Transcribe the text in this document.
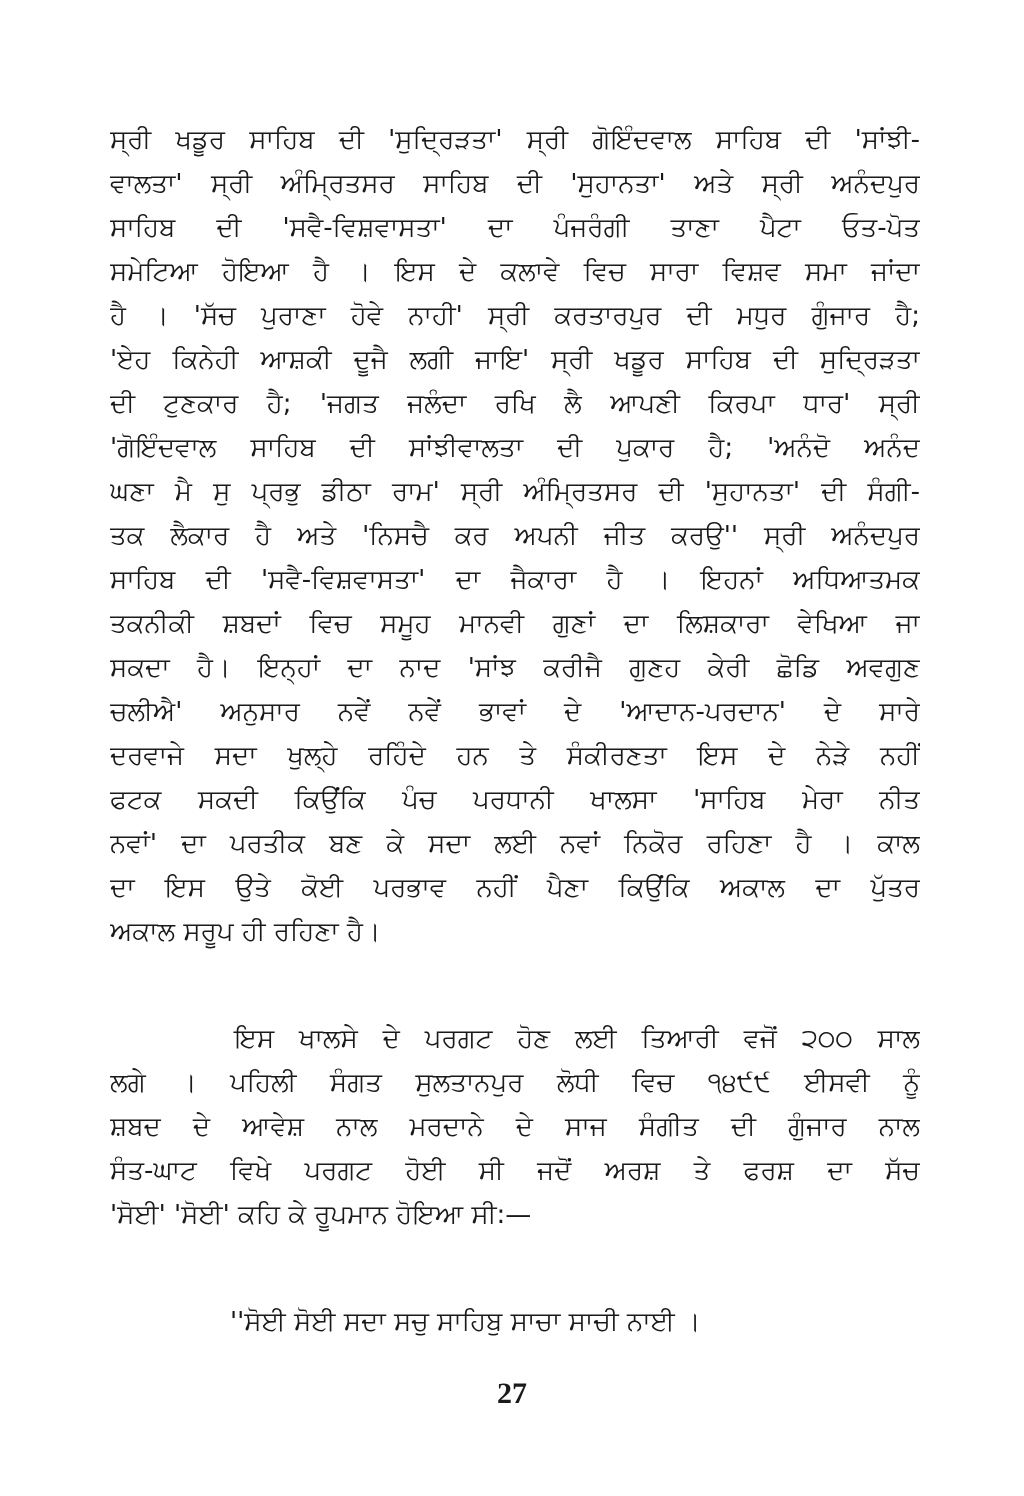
ਸ੍ਰੀ ਖਡੂਰ ਸਾਹਿਬ ਦੀ 'ਸੁਦ੍ਰਿੜਤਾ' ਸ੍ਰੀ ਗੋਇੰਦਵਾਲ ਸਾਹਿਬ ਦੀ 'ਸਾਂਝੀ-
ਵਾਲਤਾ' ਸ੍ਰੀ ਅੰਮ੍ਰਿਤਸਰ ਸਾਹਿਬ ਦੀ 'ਸੁਹਾਨਤਾ' ਅਤੇ ਸ੍ਰੀ ਅਨੰਦਪੁਰ
ਸਾਹਿਬ ਦੀ 'ਸਵੈ-ਵਿਸ਼ਵਾਸਤਾ' ਦਾ ਪੰਜਰੰਗੀ ਤਾਣਾ ਪੈਟਾ ਓਤ-ਪੋਤ
ਸਮੇਟਿਆ ਹੋਇਆ ਹੈ । ਇਸ ਦੇ ਕਲਾਵੇ ਵਿਚ ਸਾਰਾ ਵਿਸ਼ਵ ਸਮਾ ਜਾਂਦਾ
ਹੈ । 'ਸੱਚ ਪੁਰਾਣਾ ਹੋਵੇ ਨਾਹੀ' ਸ੍ਰੀ ਕਰਤਾਰਪੁਰ ਦੀ ਮਧੁਰ ਗੁੰਜਾਰ ਹੈ;
'ਏਹ ਕਿਨੇਹੀ ਆਸ਼ਕੀ ਦੂਜੈ ਲਗੀ ਜਾਇ' ਸ੍ਰੀ ਖਡੂਰ ਸਾਹਿਬ ਦੀ ਸੁਦ੍ਰਿੜਤਾ
ਦੀ ਟੁਣਕਾਰ ਹੈ; 'ਜਗਤ ਜਲੰਦਾ ਰਖਿ ਲੈ ਆਪਣੀ ਕਿਰਪਾ ਧਾਰ' ਸ੍ਰੀ
'ਗੋਇੰਦਵਾਲ ਸਾਹਿਬ ਦੀ ਸਾਂਝੀਵਾਲਤਾ ਦੀ ਪੁਕਾਰ ਹੈ; 'ਅਨੰਦੋ ਅਨੰਦ
ਘਣਾ ਮੈ ਸੁ ਪ੍ਰਭੁ ਡੀਠਾ ਰਾਮ' ਸ੍ਰੀ ਅੰਮ੍ਰਿਤਸਰ ਦੀ 'ਸੁਹਾਨਤਾ' ਦੀ ਸੰਗੀ-
ਤਕ ਲੈਕਾਰ ਹੈ ਅਤੇ 'ਨਿਸਚੈ ਕਰ ਅਪਨੀ ਜੀਤ ਕਰਉ'' ਸ੍ਰੀ ਅਨੰਦਪੁਰ
ਸਾਹਿਬ ਦੀ 'ਸਵੈ-ਵਿਸ਼ਵਾਸਤਾ' ਦਾ ਜੈਕਾਰਾ ਹੈ । ਇਹਨਾਂ ਅਧਿਆਤਮਕ
ਤਕਨੀਕੀ ਸ਼ਬਦਾਂ ਵਿਚ ਸਮੂਹ ਮਾਨਵੀ ਗੁਣਾਂ ਦਾ ਲਿਸ਼ਕਾਰਾ ਵੇਖਿਆ ਜਾ
ਸਕਦਾ ਹੈ। ਇਨ੍ਹਾਂ ਦਾ ਨਾਦ 'ਸਾਂਝ ਕਰੀਜੈ ਗੁਣਹ ਕੇਰੀ ਛੋਡਿ ਅਵਗੁਣ
ਚਲੀਐ' ਅਨੁਸਾਰ ਨਵੇਂ ਨਵੇਂ ਭਾਵਾਂ ਦੇ 'ਆਦਾਨ-ਪਰਦਾਨ' ਦੇ ਸਾਰੇ
ਦਰਵਾਜੇ ਸਦਾ ਖੁਲ੍ਹੇ ਰਹਿੰਦੇ ਹਨ ਤੇ ਸੰਕੀਰਣਤਾ ਇਸ ਦੇ ਨੇੜੇ ਨਹੀਂ
ਫਟਕ ਸਕਦੀ ਕਿਉਂਕਿ ਪੰਚ ਪਰਧਾਨੀ ਖਾਲਸਾ 'ਸਾਹਿਬ ਮੇਰਾ ਨੀਤ
ਨਵਾਂ' ਦਾ ਪਰਤੀਕ ਬਣ ਕੇ ਸਦਾ ਲਈ ਨਵਾਂ ਨਿਕੋਰ ਰਹਿਣਾ ਹੈ । ਕਾਲ
ਦਾ ਇਸ ਉਤੇ ਕੋਈ ਪਰਭਾਵ ਨਹੀਂ ਪੈਣਾ ਕਿਉਂਕਿ ਅਕਾਲ ਦਾ ਪੁੱਤਰ
ਅਕਾਲ ਸਰੂਪ ਹੀ ਰਹਿਣਾ ਹੈ।
ਇਸ ਖਾਲਸੇ ਦੇ ਪਰਗਟ ਹੋਣ ਲਈ ਤਿਆਰੀ ਵਜੋਂ ੨੦੦ ਸਾਲ
ਲਗੇ । ਪਹਿਲੀ ਸੰਗਤ ਸੁਲਤਾਨਪੁਰ ਲੋਧੀ ਵਿਚ ੧੪੯੯ ਈਸਵੀ ਨੂੰ
ਸ਼ਬਦ ਦੇ ਆਵੇਸ਼ ਨਾਲ ਮਰਦਾਨੇ ਦੇ ਸਾਜ ਸੰਗੀਤ ਦੀ ਗੁੰਜਾਰ ਨਾਲ
ਸੰਤ-ਘਾਟ ਵਿਖੇ ਪਰਗਟ ਹੋਈ ਸੀ ਜਦੋਂ ਅਰਸ਼ ਤੇ ਫਰਸ਼ ਦਾ ਸੱਚ
'ਸੋਈ' 'ਸੋਈ' ਕਹਿ ਕੇ ਰੂਪਮਾਨ ਹੋਇਆ ਸੀ:—
''ਸੋਈ ਸੋਈ ਸਦਾ ਸਚੁ ਸਾਹਿਬੁ ਸਾਚਾ ਸਾਚੀ ਨਾਈ ।
27
